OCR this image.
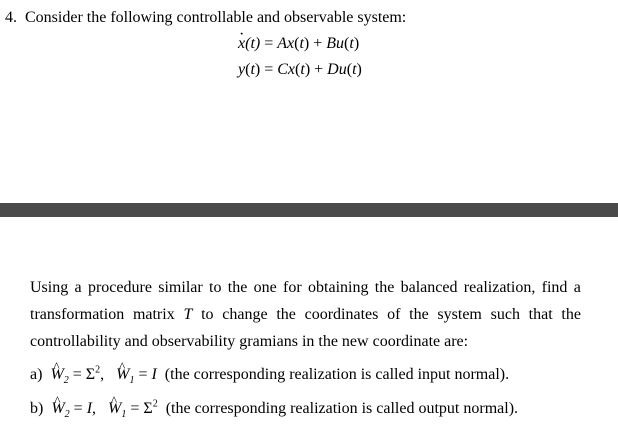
4. Consider the following controllable and observable system:
· x(t) = Ax(t) + Bu(t)
y(t) = Cx(t) + Du(t)
Using a procedure similar to the one for obtaining the balanced realization, find a
transformation matrix T to change the coordinates of the system such that the
controllability and observability gramians in the new coordinate are:
a) ^ $W_2 = \Sigma^2$,   ^ $W_1 = I$ (the corresponding realization is called input normal).
b) ^ $W_2 = I$,   ^ $W_1 = \Sigma^2$ (the corresponding realization is called output normal).
